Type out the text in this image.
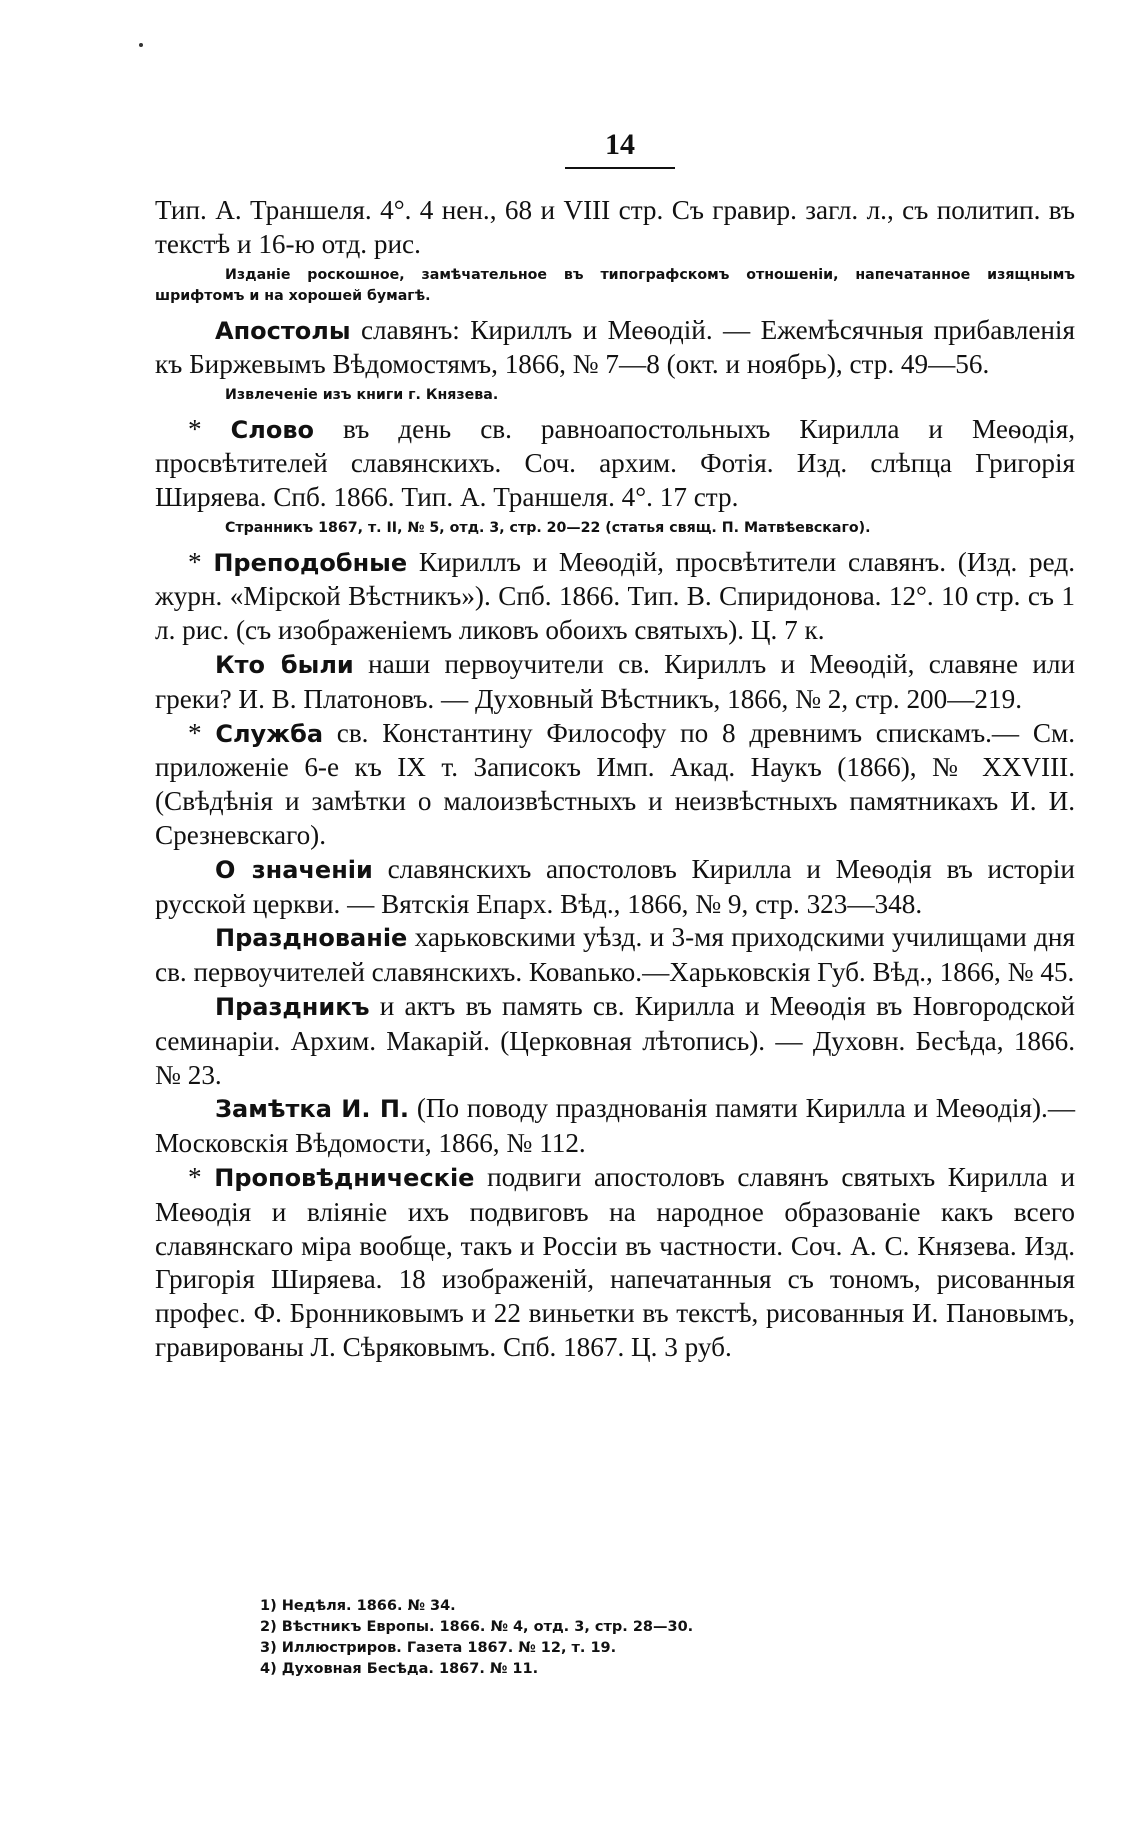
14

Тип. А. Траншеля. 4°. 4 нен., 68 и VIII стр. Съ гравир. загл. л., съ политип. въ текстѣ и 16-ю отд. рис.

Изданіе роскошное, замѣчательное въ типографскомъ отношеніи, напечатанное изящнымъ шрифтомъ и на хорошей бумагѣ.

Апостолы славянъ: Кириллъ и Меѳодій. — Ежемѣсячныя прибавленія къ Биржевымъ Вѣдомостямъ, 1866, № 7—8 (окт. и ноябрь), стр. 49—56.

Извлеченіе изъ книги г. Князева.

* Слово въ день св. равноапостольныхъ Кирилла и Меѳодія, просвѣтителей славянскихъ. Соч. архим. Фотія. Изд. слѣпца Григорія Ширяева. Спб. 1866. Тип. А. Траншеля. 4°. 17 стр.

Странникъ 1867, т. II, № 5, отд. 3, стр. 20—22 (статья свящ. П. Матвѣевскаго).

* Преподобные Кириллъ и Меѳодій, просвѣтители славянъ. (Изд. ред. журн. «Мірской Вѣстникъ»). Спб. 1866. Тип. В. Спиридонова. 12°. 10 стр. съ 1 л. рис. (съ изображеніемъ ликовъ обоихъ святыхъ). Ц. 7 к.

Кто были наши первоучители св. Кириллъ и Меѳодій, славяне или греки? И. В. Платоновъ. — Духовный Вѣстникъ, 1866, № 2, стр. 200—219.

* Служба св. Константину Философу по 8 древнимъ спискамъ.— См. приложеніе 6-е къ IX т. Записокъ Имп. Акад. Наукъ (1866), № XXVIII. (Свѣдѣнія и замѣтки о малоизвѣстныхъ и неизвѣстныхъ памятникахъ И. И. Срезневскаго).

О значеніи славянскихъ апостоловъ Кирилла и Меѳодія въ исторіи русской церкви. — Вятскія Епарх. Вѣд., 1866, № 9, стр. 323—348.

Празднованіе харьковскими уѣзд. и 3-мя приходскими училищами дня св. первоучителей славянскихъ. Коваnько.—Харьковскія Губ. Вѣд., 1866, № 45.

Праздникъ и актъ въ память св. Кирилла и Меѳодія въ Новгородской семинаріи. Архим. Макарій. (Церковная лѣтопись). — Духовн. Бесѣда, 1866. № 23.

Замѣтка И. П. (По поводу празднованія памяти Кирилла и Меѳодія).—Московскія Вѣдомости, 1866, № 112.

* Проповѣдническіе подвиги апостоловъ славянъ святыхъ Кирилла и Меѳодія и вліяніе ихъ подвиговъ на народное образованіе какъ всего славянскаго міра вообще, такъ и Россіи въ частности. Соч. А. С. Князева. Изд. Григорія Ширяева. 18 изображеній, напечатанныя съ тономъ, рисованныя профес. Ф. Бронниковымъ и 22 виньетки въ текстѣ, рисованныя И. Пановымъ, гравированы Л. Сѣряковымъ. Спб. 1867. Ц. 3 руб.

1) Недѣля. 1866. № 34.
2) Вѣстникъ Европы. 1866. № 4, отд. 3, стр. 28—30.
3) Иллюстриров. Газета 1867. № 12, т. 19.
4) Духовная Бесѣда. 1867. № 11.
